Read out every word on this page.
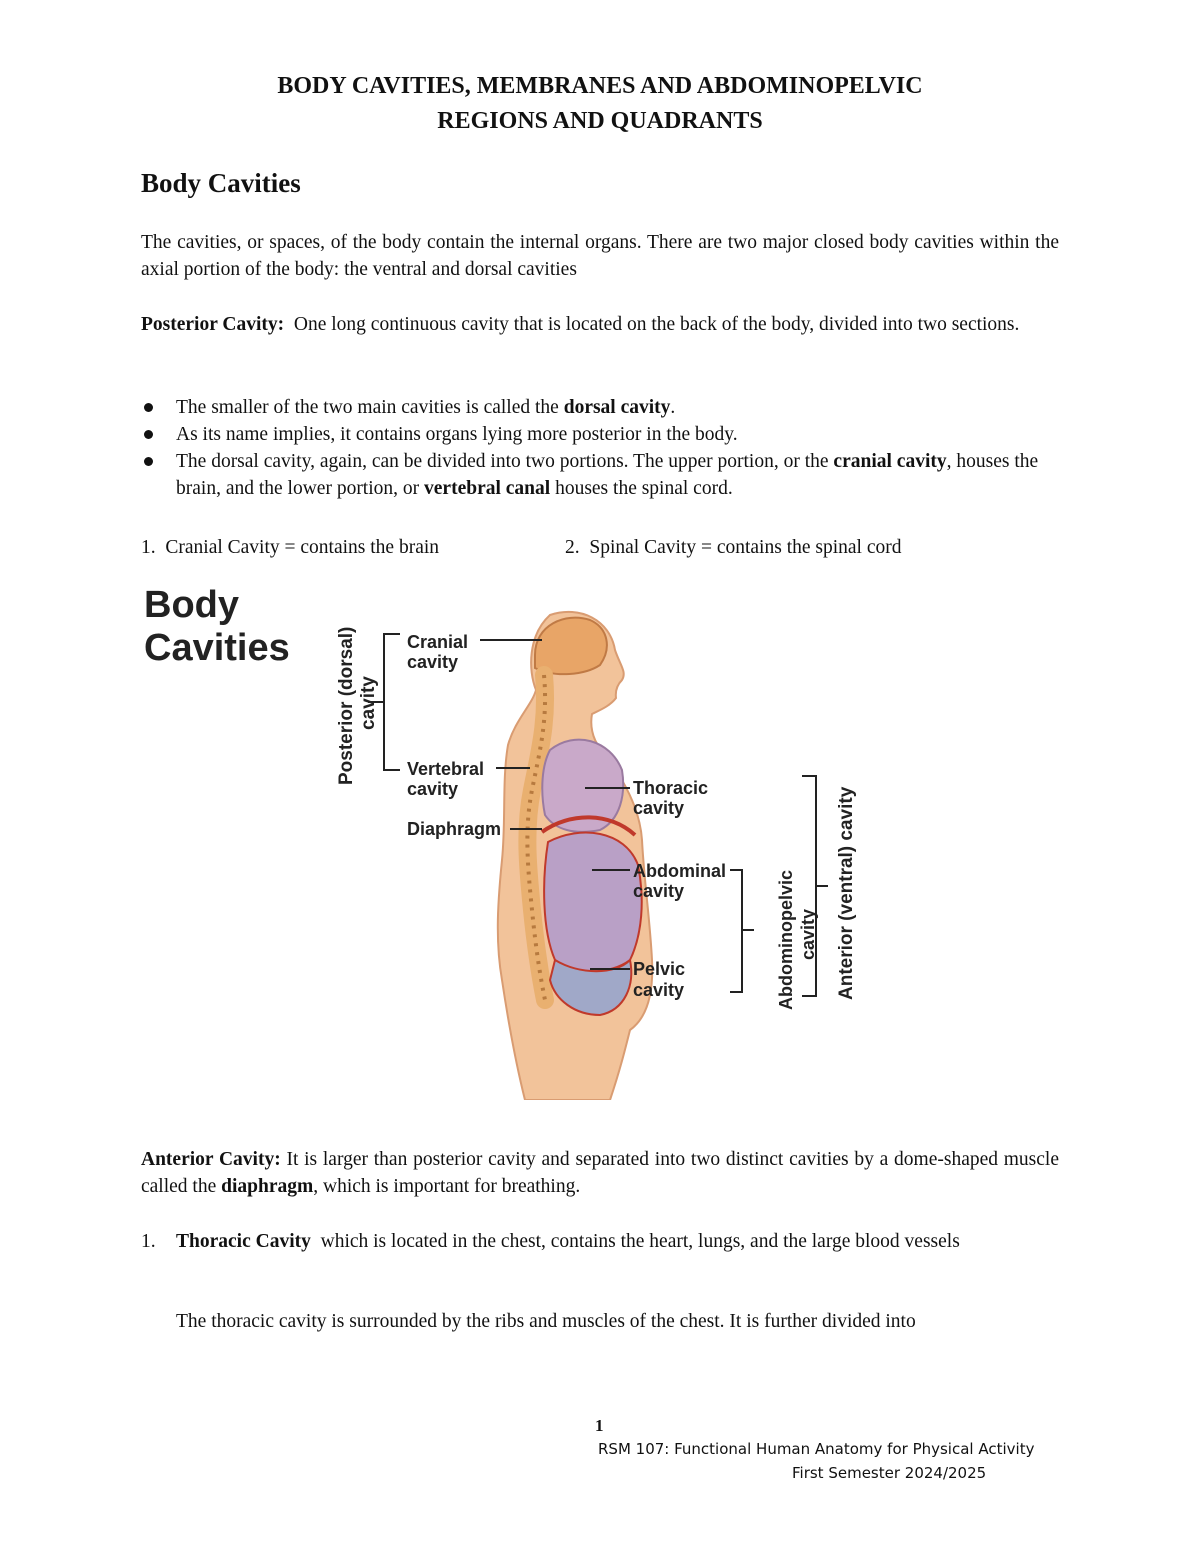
BODY CAVITIES, MEMBRANES AND ABDOMINOPELVIC
REGIONS AND QUADRANTS
Body Cavities
The cavities, or spaces, of the body contain the internal organs. There are two major closed body cavities within the axial portion of the body: the ventral and dorsal cavities
Posterior Cavity: One long continuous cavity that is located on the back of the body, divided into two sections.
The smaller of the two main cavities is called the dorsal cavity.
As its name implies, it contains organs lying more posterior in the body.
The dorsal cavity, again, can be divided into two portions. The upper portion, or the cranial cavity, houses the brain, and the lower portion, or vertebral canal houses the spinal cord.
1. Cranial Cavity = contains the brain	2. Spinal Cavity = contains the spinal cord
Body
Cavities Posterior (dorsal) cavity
Cranial
cavity
Vertebral
cavity
Diaphragm
Thoracic
cavity
Abdominal
cavity
Pelvic
cavity	Abdominopelvic cavity Anterior (ventral) cavity
Anterior Cavity: It is larger than posterior cavity and separated into two distinct cavities by a dome-shaped muscle called the diaphragm, which is important for breathing.
1. Thoracic Cavity  which is located in the chest, contains the heart, lungs, and the large blood vessels
The thoracic cavity is surrounded by the ribs and muscles of the chest. It is further divided into
1
RSM 107: Functional Human Anatomy for Physical Activity
First Semester 2024/2025
